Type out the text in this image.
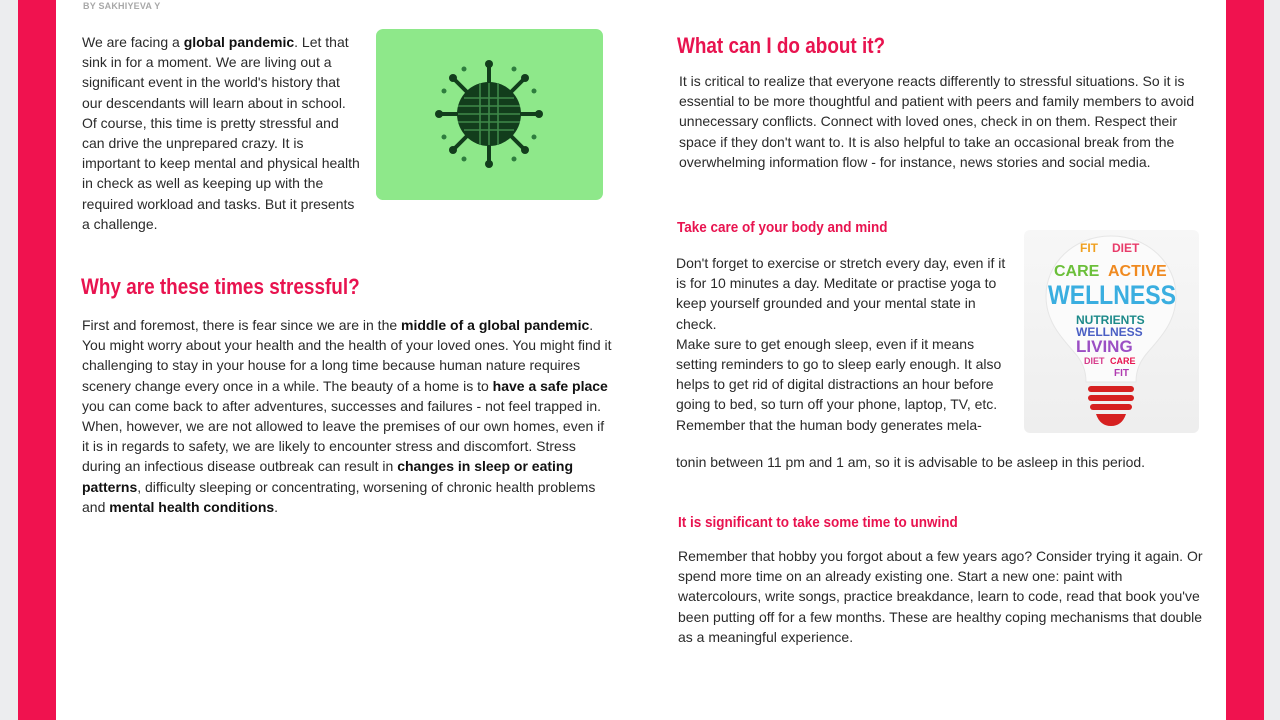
BY SAKHIYEVA Y

We are facing a global pandemic. Let that sink in for a moment. We are living out a significant event in the world's history that our descendants will learn about in school. Of course, this time is pretty stressful and can drive the unprepared crazy. It is important to keep mental and physical health in check as well as keeping up with the required workload and tasks. But it presents a challenge.

Why are these times stressful?

First and foremost, there is fear since we are in the middle of a global pandemic. You might worry about your health and the health of your loved ones. You might find it challenging to stay in your house for a long time because human nature requires scenery change every once in a while. The beauty of a home is to have a safe place you can come back to after adventures, successes and failures - not feel trapped in. When, however, we are not allowed to leave the premises of our own homes, even if it is in regards to safety, we are likely to encounter stress and discomfort. Stress during an infectious disease outbreak can result in changes in sleep or eating patterns, difficulty sleeping or concentrating, worsening of chronic health problems and mental health conditions.

What can I do about it?

It is critical to realize that everyone reacts differently to stressful situations. So it is essential to be more thoughtful and patient with peers and family members to avoid unnecessary conflicts. Connect with loved ones, check in on them. Respect their space if they don't want to. It is also helpful to take an occasional break from the overwhelming information flow - for instance, news stories and social media.

Take care of your body and mind

Don't forget to exercise or stretch every day, even if it is for 10 minutes a day. Meditate or practise yoga to keep yourself grounded and your mental state in check.

Make sure to get enough sleep, even if it means setting reminders to go to sleep early enough. It also helps to get rid of digital distractions an hour before going to bed, so turn off your phone, laptop, TV, etc. Remember that the human body generates mela-

tonin between 11 pm and 1 am, so it is advisable to be asleep in this period.

FIT DIET
CARE ACTIVE
WELLNESS
NUTRIENTS
WELLNESS
LIVING
DIET CARE
FIT
It is significant to take some time to unwind

Remember that hobby you forgot about a few years ago? Consider trying it again. Or spend more time on an already existing one. Start a new one: paint with watercolours, write songs, practice breakdance, learn to code, read that book you've been putting off for a few months. These are healthy coping mechanisms that double as a meaningful experience.
